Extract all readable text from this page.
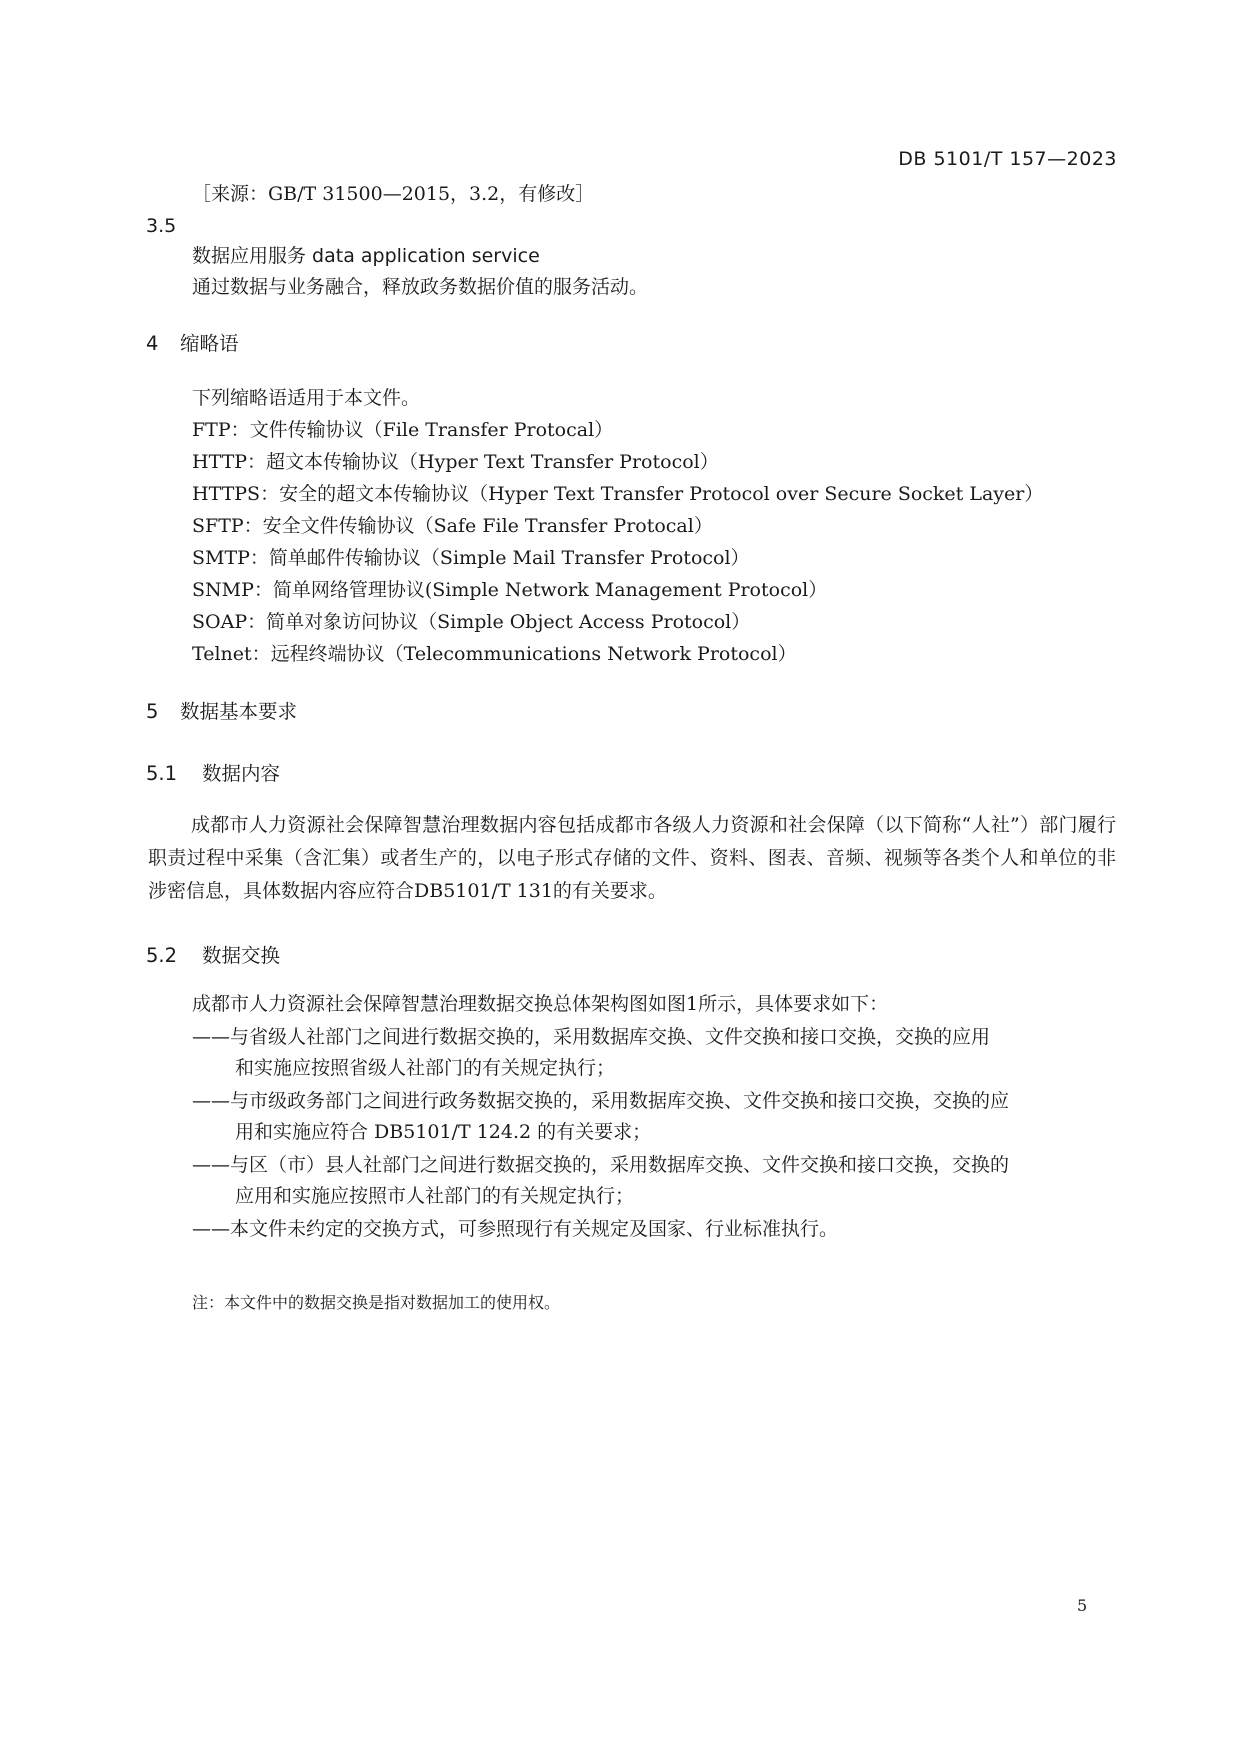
DB 5101/T 157—2023
［来源：GB/T 31500—2015，3.2，有修改］
3.5
数据应用服务 data application service
通过数据与业务融合，释放政务数据价值的服务活动。
4 缩略语
下列缩略语适用于本文件。
FTP：文件传输协议（File Transfer Protocal）
HTTP：超文本传输协议（Hyper Text Transfer Protocol）
HTTPS：安全的超文本传输协议（Hyper Text Transfer Protocol over Secure Socket Layer）
SFTP：安全文件传输协议（Safe File Transfer Protocal）
SMTP：简单邮件传输协议（Simple Mail Transfer Protocol）
SNMP：简单网络管理协议(Simple Network Management Protocol）
SOAP：简单对象访问协议（Simple Object Access Protocol）
Telnet：远程终端协议（Telecommunications Network Protocol）
5 数据基本要求
5.1 数据内容
成都市人力资源社会保障智慧治理数据内容包括成都市各级人力资源和社会保障（以下简称“人社”）部门履行职责过程中采集（含汇集）或者生产的，以电子形式存储的文件、资料、图表、音频、视频等各类个人和单位的非涉密信息，具体数据内容应符合DB5101/T 131的有关要求。
5.2 数据交换
成都市人力资源社会保障智慧治理数据交换总体架构图如图1所示，具体要求如下：
——与省级人社部门之间进行数据交换的，采用数据库交换、文件交换和接口交换，交换的应用
和实施应按照省级人社部门的有关规定执行；
——与市级政务部门之间进行政务数据交换的，采用数据库交换、文件交换和接口交换，交换的应
用和实施应符合 DB5101/T 124.2 的有关要求；
——与区（市）县人社部门之间进行数据交换的，采用数据库交换、文件交换和接口交换，交换的
应用和实施应按照市人社部门的有关规定执行；
——本文件未约定的交换方式，可参照现行有关规定及国家、行业标准执行。
注：本文件中的数据交换是指对数据加工的使用权。
5
